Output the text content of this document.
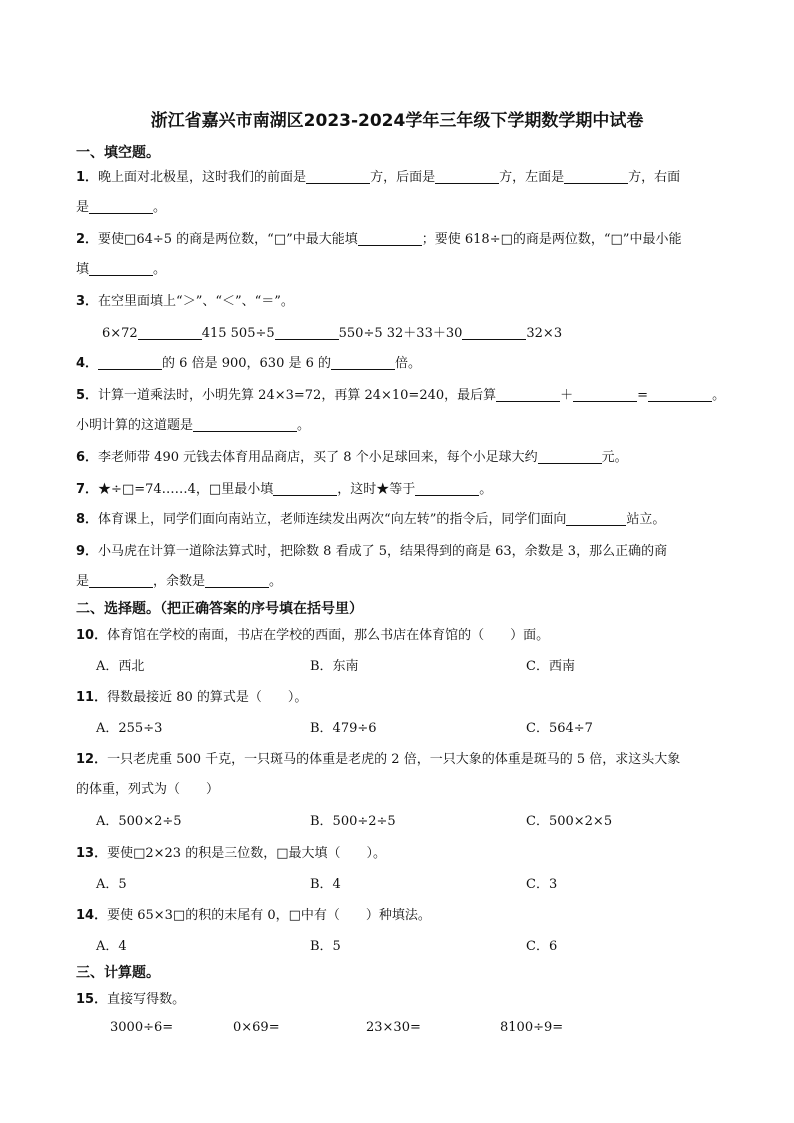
浙江省嘉兴市南湖区2023-2024学年三年级下学期数学期中试卷
一、填空题。
1．晚上面对北极星，这时我们的前面是	方，后面是	方，左面是	方，右面
是	。
2．要使□64÷5 的商是两位数，“□”中最大能填	；要使 618÷□的商是两位数，“□”中最小能
填	。
3．在空里面填上“＞”、“＜”、“＝”。
6×72	415 505÷5	550÷5 32＋33＋30	32×3
4．	的 6 倍是 900，630 是 6 的	倍。
5．计算一道乘法时，小明先算 24×3=72，再算 24×10=240，最后算	＋	=	。
小明计算的这道题是	。
6．李老师带 490 元钱去体育用品商店，买了 8 个小足球回来，每个小足球大约	元。
7．★÷□=74……4，□里最小填	，这时★等于	。
8．体育课上，同学们面向南站立，老师连续发出两次“向左转”的指令后，同学们面向	站立。
9．小马虎在计算一道除法算式时，把除数 8 看成了 5，结果得到的商是 63，余数是 3，那么正确的商
是	，余数是	。
二、选择题。（把正确答案的序号填在括号里）
10．体育馆在学校的南面，书店在学校的西面，那么书店在体育馆的（　　）面。
A．西北	B．东南	C．西南
11．得数最接近 80 的算式是（　　）。
A．255÷3	B．479÷6	C．564÷7
12．一只老虎重 500 千克，一只斑马的体重是老虎的 2 倍，一只大象的体重是斑马的 5 倍，求这头大象
的体重，列式为（　　）
A．500×2÷5	B．500÷2÷5	C．500×2×5
13．要使□2×23 的积是三位数，□最大填（　　）。
A．5	B．4	C．3
14．要使 65×3□的积的末尾有 0，□中有（　　）种填法。
A．4	B．5	C．6
三、计算题。
15．直接写得数。
3000÷6=	0×69=	23×30=	8100÷9=
